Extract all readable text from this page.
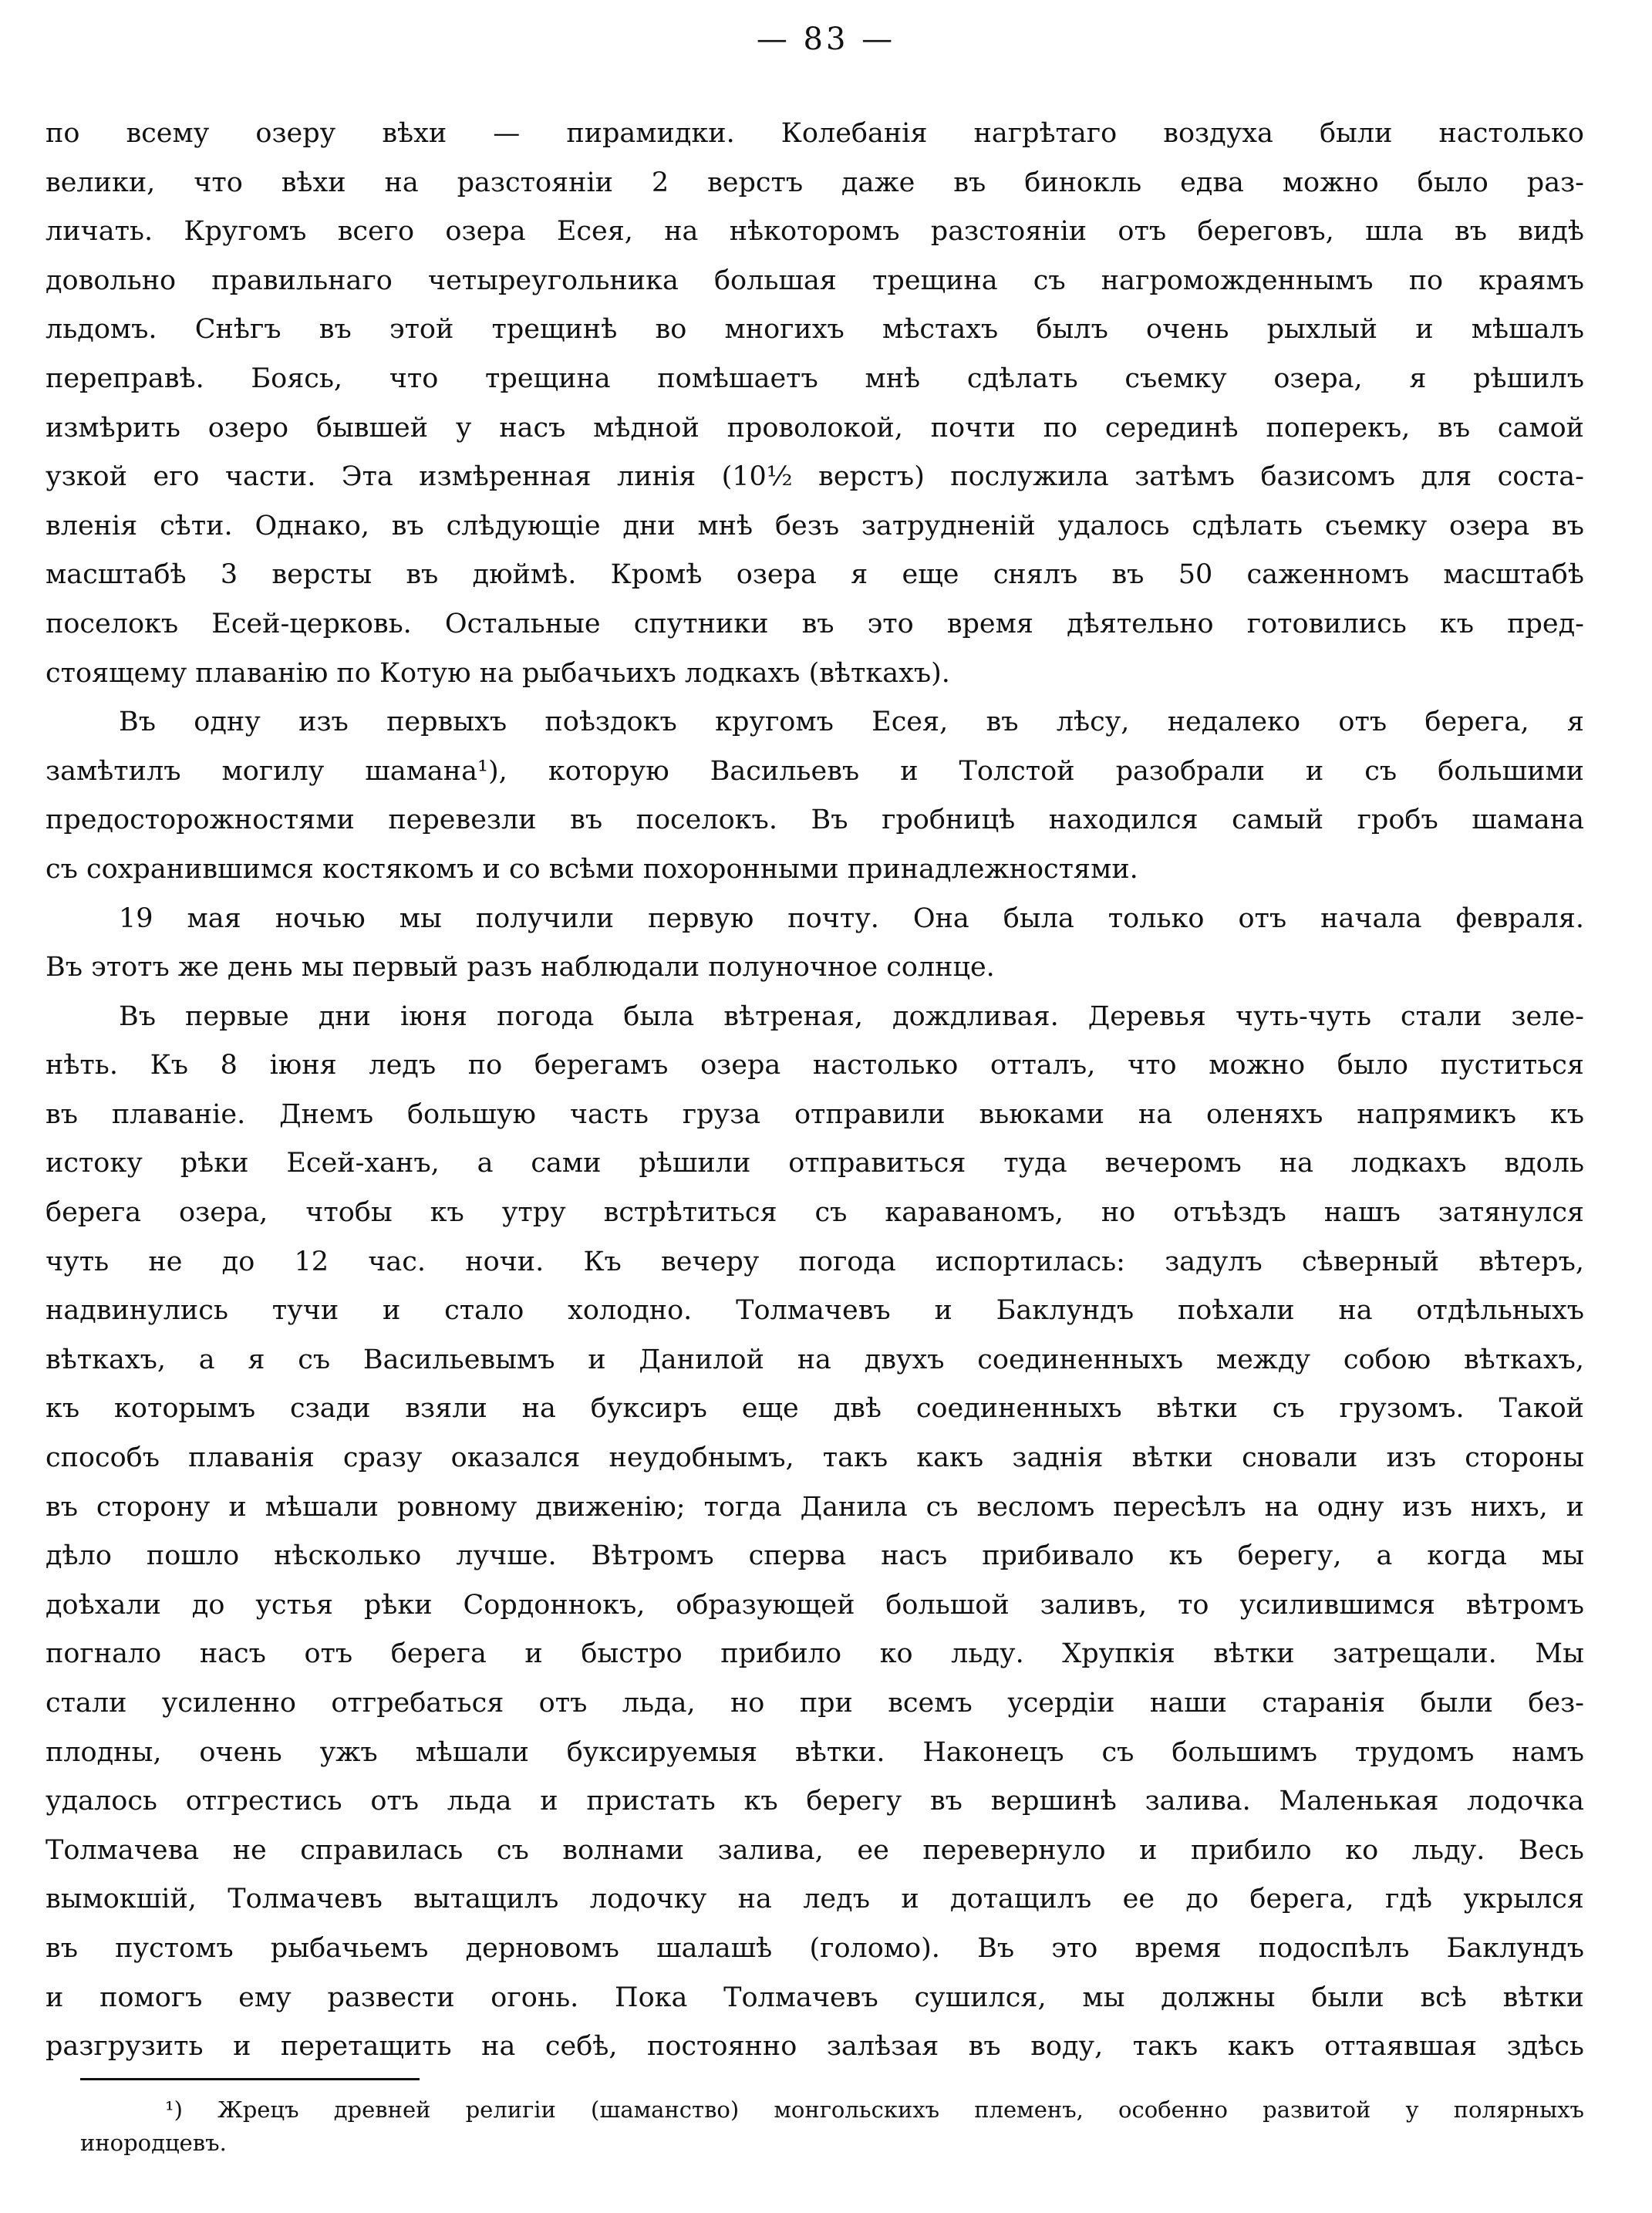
— 83 —
по всему озеру вѣхи — пирамидки. Колебанія нагрѣтаго воздуха были настолько
велики, что вѣхи на разстояніи 2 верстъ даже въ бинокль едва можно было раз-
личать. Кругомъ всего озера Есея, на нѣкоторомъ разстояніи отъ береговъ, шла въ видѣ
довольно правильнаго четыреугольника большая трещина съ нагроможденнымъ по краямъ
льдомъ. Снѣгъ въ этой трещинѣ во многихъ мѣстахъ былъ очень рыхлый и мѣшалъ
переправѣ. Боясь, что трещина помѣшаетъ мнѣ сдѣлать съемку озера, я рѣшилъ
измѣрить озеро бывшей у насъ мѣдной проволокой, почти по серединѣ поперекъ, въ самой
узкой его части. Эта измѣренная линія (10½ верстъ) послужила затѣмъ базисомъ для соста-
вленія сѣти. Однако, въ слѣдующіе дни мнѣ безъ затрудненій удалось сдѣлать съемку озера въ
масштабѣ 3 версты въ дюймѣ. Кромѣ озера я еще снялъ въ 50 саженномъ масштабѣ
поселокъ Есей-церковь. Остальные спутники въ это время дѣятельно готовились къ пред-
стоящему плаванію по Котую на рыбачьихъ лодкахъ (вѣткахъ).
Въ одну изъ первыхъ поѣздокъ кругомъ Есея, въ лѣсу, недалеко отъ берега, я
замѣтилъ могилу шамана¹), которую Васильевъ и Толстой разобрали и съ большими
предосторожностями перевезли въ поселокъ. Въ гробницѣ находился самый гробъ шамана
съ сохранившимся костякомъ и со всѣми похоронными принадлежностями.
19 мая ночью мы получили первую почту. Она была только отъ начала февраля.
Въ этотъ же день мы первый разъ наблюдали полуночное солнце.
Въ первые дни іюня погода была вѣтреная, дождливая. Деревья чуть-чуть стали зеле-
нѣть. Къ 8 іюня ледъ по берегамъ озера настолько отталъ, что можно было пуститься
въ плаваніе. Днемъ большую часть груза отправили вьюками на оленяхъ напрямикъ къ
истоку рѣки Есей-ханъ, а сами рѣшили отправиться туда вечеромъ на лодкахъ вдоль
берега озера, чтобы къ утру встрѣтиться съ караваномъ, но отъѣздъ нашъ затянулся
чуть не до 12 час. ночи. Къ вечеру погода испортилась: задулъ сѣверный вѣтеръ,
надвинулись тучи и стало холодно. Толмачевъ и Баклундъ поѣхали на отдѣльныхъ
вѣткахъ, а я съ Васильевымъ и Данилой на двухъ соединенныхъ между собою вѣткахъ,
къ которымъ сзади взяли на буксиръ еще двѣ соединенныхъ вѣтки съ грузомъ. Такой
способъ плаванія сразу оказался неудобнымъ, такъ какъ заднія вѣтки сновали изъ стороны
въ сторону и мѣшали ровному движенію; тогда Данила съ весломъ пересѣлъ на одну изъ нихъ, и
дѣло пошло нѣсколько лучше. Вѣтромъ сперва насъ прибивало къ берегу, а когда мы
доѣхали до устья рѣки Сордоннокъ, образующей большой заливъ, то усилившимся вѣтромъ
погнало насъ отъ берега и быстро прибило ко льду. Хрупкія вѣтки затрещали. Мы
стали усиленно отгребаться отъ льда, но при всемъ усердіи наши старанія были без-
плодны, очень ужъ мѣшали буксируемыя вѣтки. Наконецъ съ большимъ трудомъ намъ
удалось отгрестись отъ льда и пристать къ берегу въ вершинѣ залива. Маленькая лодочка
Толмачева не справилась съ волнами залива, ее перевернуло и прибило ко льду. Весь
вымокшій, Толмачевъ вытащилъ лодочку на ледъ и дотащилъ ее до берега, гдѣ укрылся
въ пустомъ рыбачьемъ дерновомъ шалашѣ (голомо). Въ это время подоспѣлъ Баклундъ
и помогъ ему развести огонь. Пока Толмачевъ сушился, мы должны были всѣ вѣтки
разгрузить и перетащить на себѣ, постоянно залѣзая въ воду, такъ какъ оттаявшая здѣсь
¹) Жрецъ древней религіи (шаманство) монгольскихъ племенъ, особенно развитой у полярныхъ
инородцевъ.
